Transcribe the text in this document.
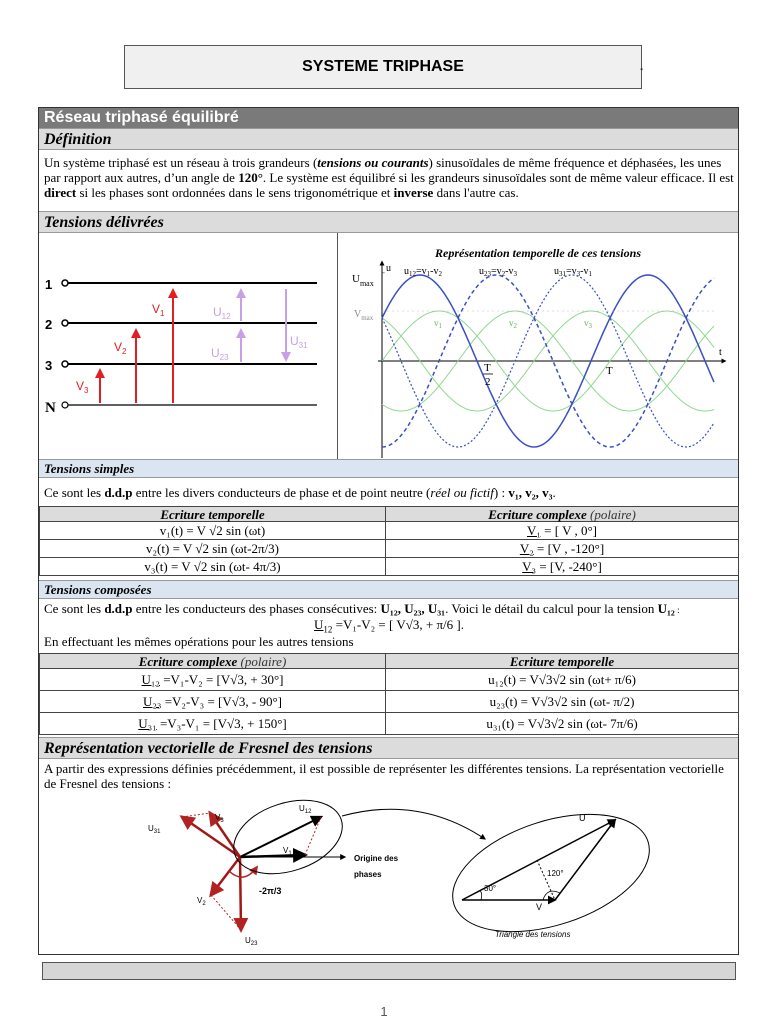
SYSTEME TRIPHASE	-
Réseau triphasé équilibré
Définition
Un système triphasé est un réseau à trois grandeurs (tensions ou courants) sinusoïdales de même fréquence et déphasées, les unes par rapport aux autres, d’un angle de 120°. Le système est équilibré si les grandeurs sinusoïdales sont de même valeur efficace. Il est direct si les phases sont ordonnées dans le sens trigonométrique et inverse dans l'autre cas.
Tensions délivrées
1
2
3
N
$V_1$
$V_2$
$V_3$
$U_{12}$
$U_{23}$
$U_{31}$
Représentation temporelle de ces tensions
u
t
$U_{max}$
$V_{max}$
-
T
2
T
$v_1$	$v_2$	$v_3$
$u_{12}=v_1-v_2$	$u_{23}=v_2-v_3$	$u_{31}=v_3-v_1$
Tensions simples
Ce sont les d.d.p entre les divers conducteurs de phase et de point neutre (réel ou fictif) : v₁, v₂, v₃.
Ecriture temporelle	Ecriture complexe (polaire)
v₁(t) = V √2 sin (ωt)	V₁ = [ V , 0°]
v₂(t) = V √2 sin (ωt-2π/3)	V₂ = [V , -120°]
v₃(t) = V √2 sin (ωt- 4π/3)	V₃ = [V, -240°]
Tensions composées
Ce sont les d.d.p entre les conducteurs des phases consécutives: U₁₂, U₂₃, U₃₁. Voici le détail du calcul pour la tension U₁₂ :
$U_{12} =V_1-V_2$ = [ V√3, + π/6 ].
En effectuant les mêmes opérations pour les autres tensions
Ecriture complexe (polaire)	Ecriture temporelle
U₁₂ =V₁-V₂ = [V√3, + 30°]	u₁₂(t) = V√3√2 sin (ωt+ π/6)
U₂₃ =V₂-V₃ = [V√3, - 90°]	u₂₃(t) = V√3√2 sin (ωt- π/2)
U₃₁ =V₃-V₁ = [V√3, + 150°]	u₃₁(t) = V√3√2 sin (ωt- 7π/6)
Représentation vectorielle de Fresnel des tensions
A partir des expressions définies précédemment, il est possible de représenter les différentes tensions. La représentation vectorielle de Fresnel des tensions :
$U_{31}$
$V_3$
$U_{12}$
$V_1$
$V_2$
$U_{23}$
-2π/3
Origine des
phases
U
V
30°
120°
Triangle des tensions
1
